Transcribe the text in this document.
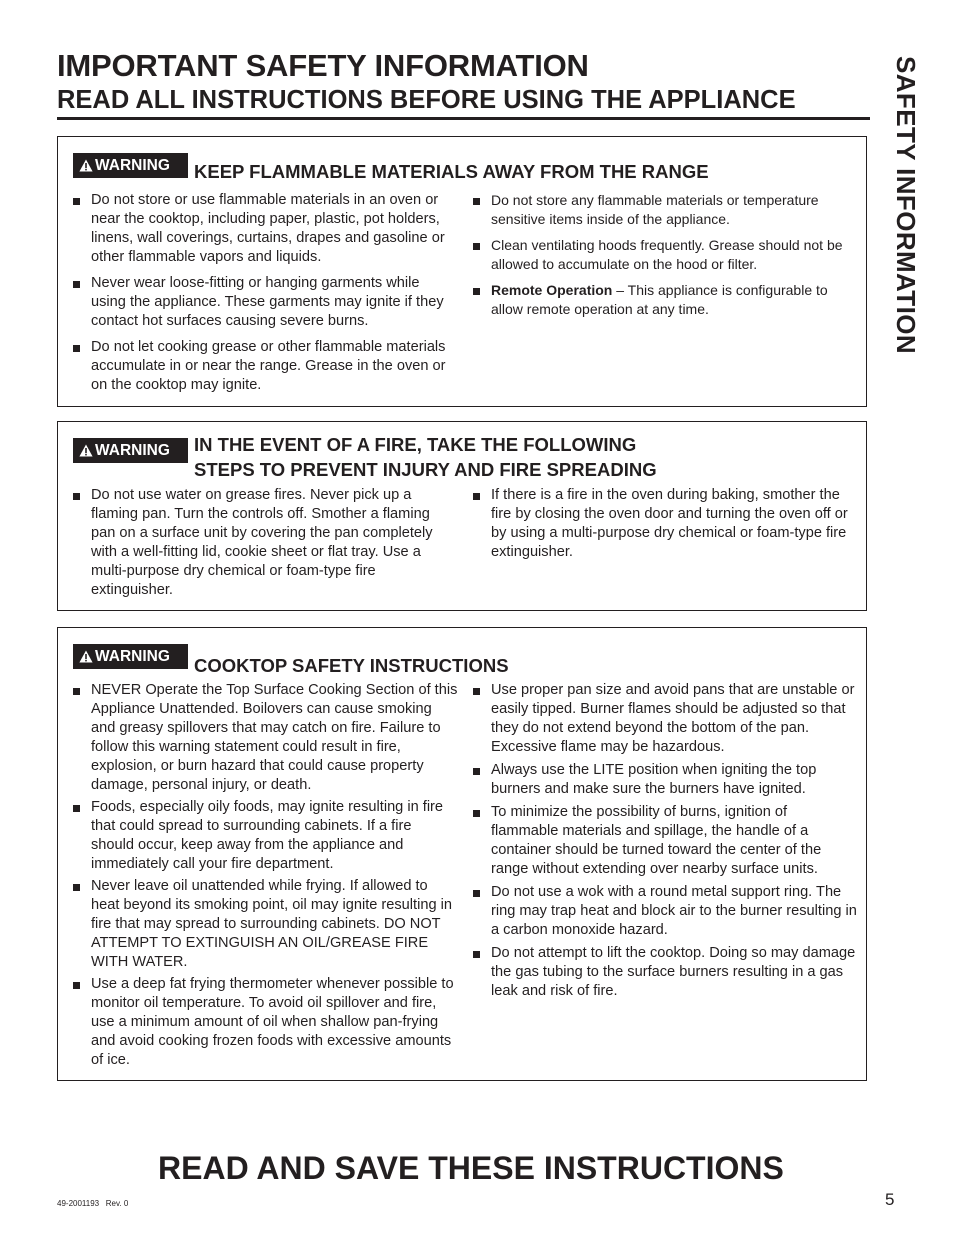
IMPORTANT SAFETY INFORMATION
READ ALL INSTRUCTIONS BEFORE USING THE APPLIANCE	SAFETY INFORMATION
WARNING	KEEP FLAMMABLE MATERIALS AWAY FROM THE RANGE
Do not store or use flammable materials in an oven or near the cooktop, including paper, plastic, pot holders, linens, wall coverings, curtains, drapes and gasoline or other flammable vapors and liquids.
Never wear loose-fitting or hanging garments while using the appliance. These garments may ignite if they contact hot surfaces causing severe burns.
Do not let cooking grease or other flammable materials accumulate in or near the range. Grease in the oven or on the cooktop may ignite.
Do not store any flammable materials or temperature sensitive items inside of the appliance.
Clean ventilating hoods frequently. Grease should not be allowed to accumulate on the hood or filter.
Remote Operation – This appliance is configurable to allow remote operation at any time.
WARNING	IN THE EVENT OF A FIRE, TAKE THE FOLLOWING
STEPS TO PREVENT INJURY AND FIRE SPREADING
Do not use water on grease fires. Never pick up a flaming pan. Turn the controls off. Smother a flaming pan on a surface unit by covering the pan completely with a well-fitting lid, cookie sheet or flat tray. Use a multi-purpose dry chemical or foam-type fire extinguisher.
If there is a fire in the oven during baking, smother the fire by closing the oven door and turning the oven off or by using a multi-purpose dry chemical or foam-type fire extinguisher.
WARNING	COOKTOP SAFETY INSTRUCTIONS
NEVER Operate the Top Surface Cooking Section of this Appliance Unattended. Boilovers can cause smoking and greasy spillovers that may catch on fire. Failure to follow this warning statement could result in fire, explosion, or burn hazard that could cause property damage, personal injury, or death.
Foods, especially oily foods, may ignite resulting in fire that could spread to surrounding cabinets. If a fire should occur, keep away from the appliance and immediately call your fire department.
Never leave oil unattended while frying. If allowed to heat beyond its smoking point, oil may ignite resulting in fire that may spread to surrounding cabinets. DO NOT ATTEMPT TO EXTINGUISH AN OIL/GREASE FIRE WITH WATER.
Use a deep fat frying thermometer whenever possible to monitor oil temperature. To avoid oil spillover and fire, use a minimum amount of oil when shallow pan-frying and avoid cooking frozen foods with excessive amounts of ice.
Use proper pan size and avoid pans that are unstable or easily tipped. Burner flames should be adjusted so that they do not extend beyond the bottom of the pan. Excessive flame may be hazardous.
Always use the LITE position when igniting the top burners and make sure the burners have ignited.
To minimize the possibility of burns, ignition of flammable materials and spillage, the handle of a container should be turned toward the center of the range without extending over nearby surface units.
Do not use a wok with a round metal support ring. The ring may trap heat and block air to the burner resulting in a carbon monoxide hazard.
Do not attempt to lift the cooktop. Doing so may damage the gas tubing to the surface burners resulting in a gas leak and risk of fire.
READ AND SAVE THESE INSTRUCTIONS
49-2001193   Rev. 0	5
